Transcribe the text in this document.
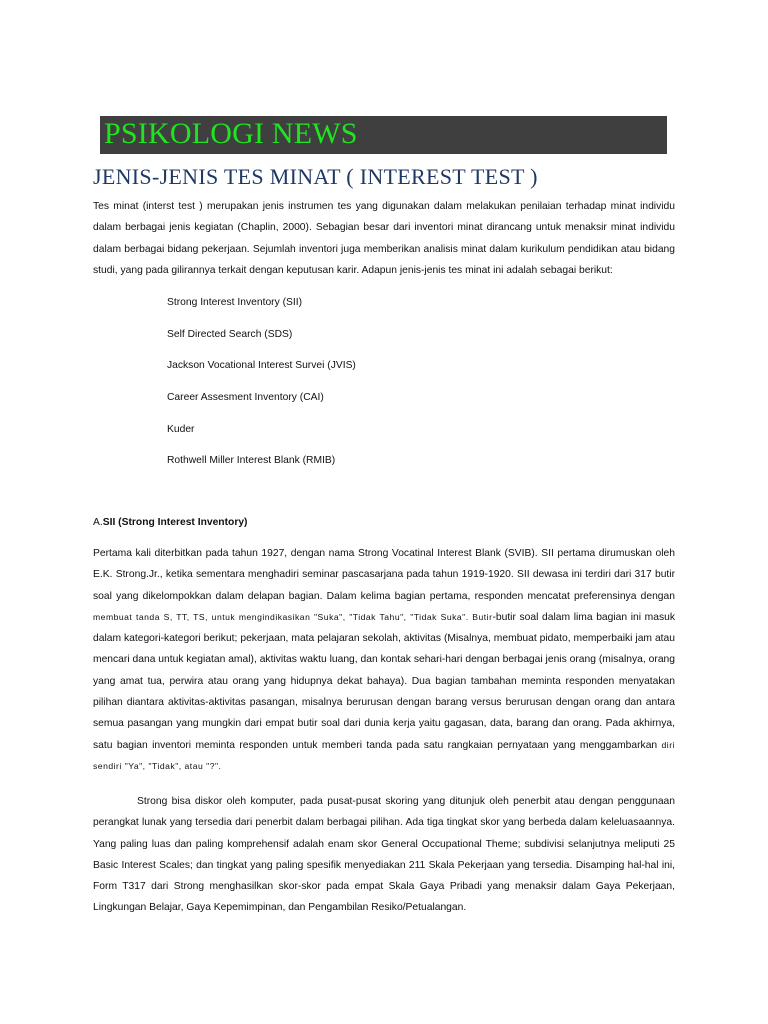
PSIKOLOGI NEWS
JENIS-JENIS TES MINAT ( INTEREST TEST )

Tes minat (interst test ) merupakan jenis instrumen tes yang digunakan dalam melakukan penilaian terhadap minat individu dalam berbagai jenis kegiatan (Chaplin, 2000). Sebagian besar dari inventori minat dirancang untuk menaksir minat individu dalam berbagai bidang pekerjaan. Sejumlah inventori juga memberikan analisis minat dalam kurikulum pendidikan atau bidang studi, yang pada gilirannya terkait dengan keputusan karir. Adapun jenis-jenis tes minat ini adalah sebagai berikut:

Strong Interest Inventory (SII)
Self Directed Search (SDS)
Jackson Vocational Interest Survei (JVIS)
Career Assesment Inventory (CAI)
Kuder
Rothwell Miller Interest Blank (RMIB)
A.SII (Strong Interest Inventory)

Pertama kali diterbitkan pada tahun 1927, dengan nama Strong Vocatinal Interest Blank (SVIB). SII pertama dirumuskan oleh E.K. Strong.Jr., ketika sementara menghadiri seminar pascasarjana pada tahun 1919-1920. SII dewasa ini terdiri dari 317 butir soal yang dikelompokkan dalam delapan bagian. Dalam kelima bagian pertama, responden mencatat preferensinya dengan membuat tanda S, TT, TS, untuk mengindikasikan "Suka", "Tidak Tahu", "Tidak Suka". Butir-butir soal dalam lima bagian ini masuk dalam kategori-kategori berikut; pekerjaan, mata pelajaran sekolah, aktivitas (Misalnya, membuat pidato, memperbaiki jam atau mencari dana untuk kegiatan amal), aktivitas waktu luang, dan kontak sehari-hari dengan berbagai jenis orang (misalnya, orang yang amat tua, perwira atau orang yang hidupnya dekat bahaya). Dua bagian tambahan meminta responden menyatakan pilihan diantara aktivitas-aktivitas pasangan, misalnya berurusan dengan barang versus berurusan dengan orang dan antara semua pasangan yang mungkin dari empat butir soal dari dunia kerja yaitu gagasan, data, barang dan orang. Pada akhirnya, satu bagian inventori meminta responden untuk memberi tanda pada satu rangkaian pernyataan yang menggambarkan diri sendiri "Ya", "Tidak", atau "?".

Strong bisa diskor oleh komputer, pada pusat-pusat skoring yang ditunjuk oleh penerbit atau dengan penggunaan perangkat lunak yang tersedia dari penerbit dalam berbagai pilihan. Ada tiga tingkat skor yang berbeda dalam keleluasaannya. Yang paling luas dan paling komprehensif adalah enam skor General Occupational Theme; subdivisi selanjutnya meliputi 25 Basic Interest Scales; dan tingkat yang paling spesifik menyediakan 211 Skala Pekerjaan yang tersedia. Disamping hal-hal ini, Form T317 dari Strong menghasilkan skor-skor pada empat Skala Gaya Pribadi yang menaksir dalam Gaya Pekerjaan, Lingkungan Belajar, Gaya Kepemimpinan, dan Pengambilan Resiko/Petualangan.
